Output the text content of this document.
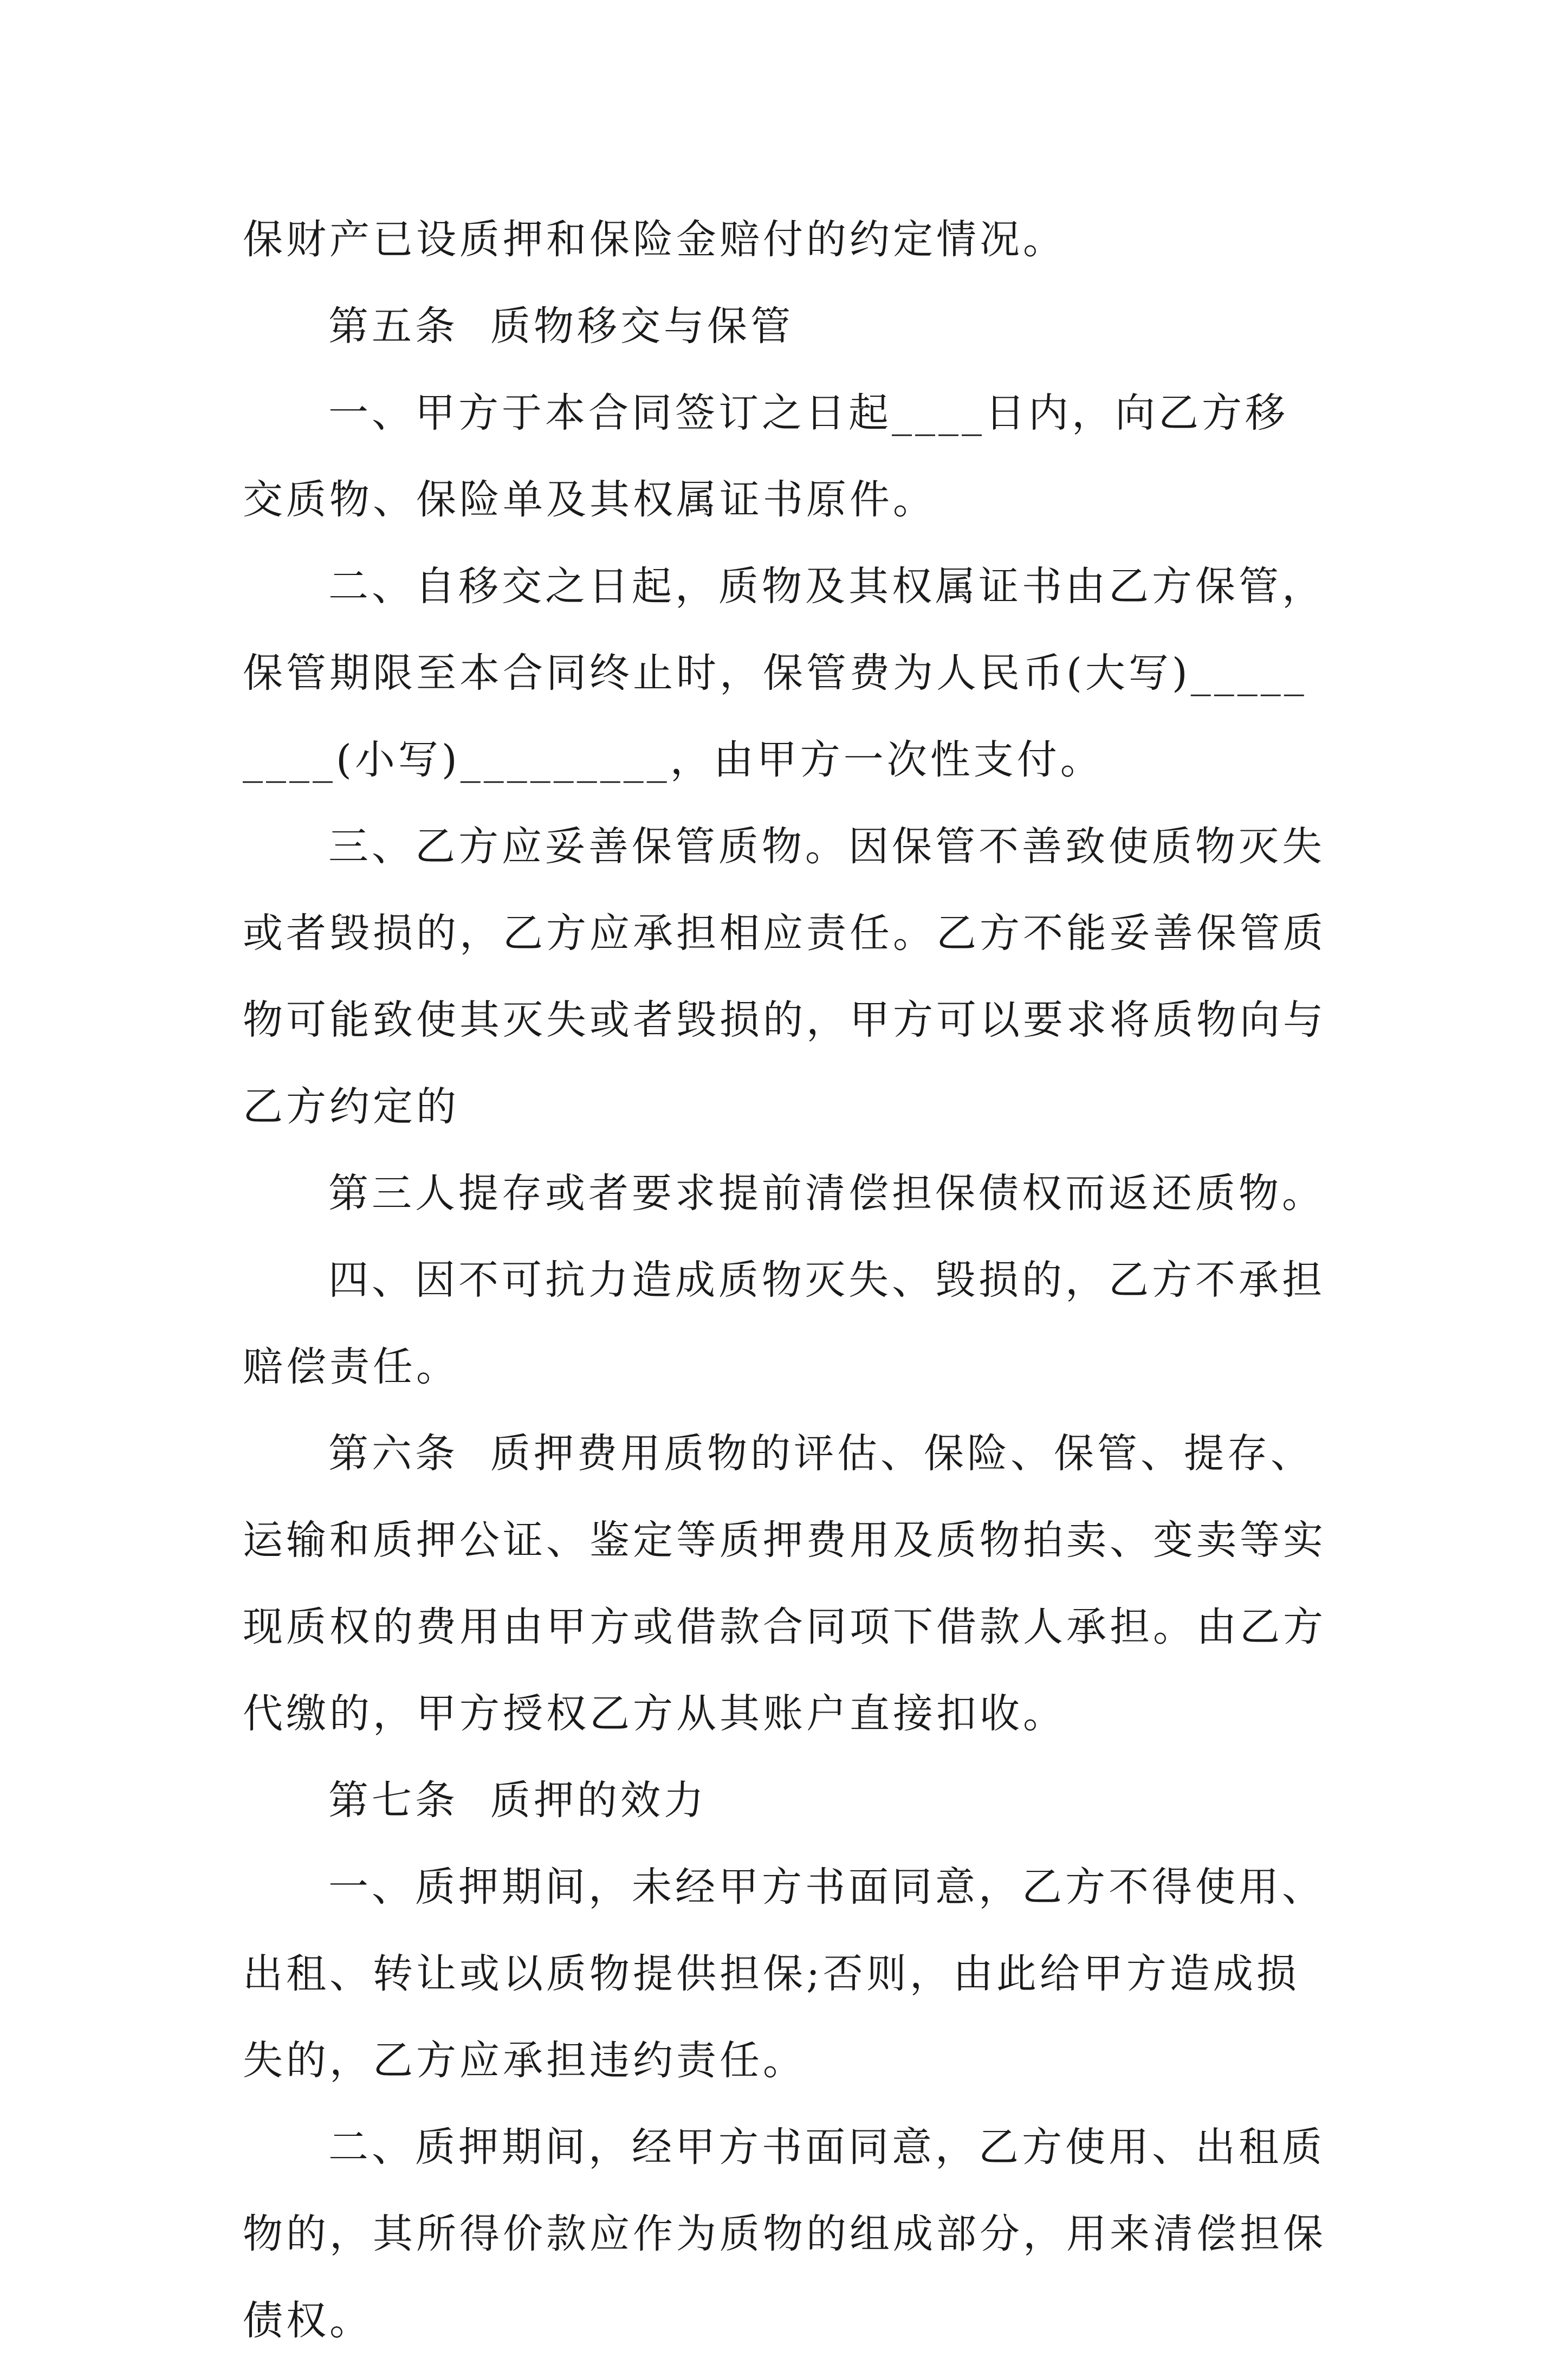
保财产已设质押和保险金赔付的约定情况。

第五条  质物移交与保管

一、甲方于本合同签订之日起____日内，向乙方移交质物、保险单及其权属证书原件。

二、自移交之日起，质物及其权属证书由乙方保管，保管期限至本合同终止时，保管费为人民币(大写)_________(小写)_________，由甲方一次性支付。

三、乙方应妥善保管质物。因保管不善致使质物灭失或者毁损的，乙方应承担相应责任。乙方不能妥善保管质物可能致使其灭失或者毁损的，甲方可以要求将质物向与乙方约定的

第三人提存或者要求提前清偿担保债权而返还质物。

四、因不可抗力造成质物灭失、毁损的，乙方不承担赔偿责任。

第六条  质押费用质物的评估、保险、保管、提存、运输和质押公证、鉴定等质押费用及质物拍卖、变卖等实现质权的费用由甲方或借款合同项下借款人承担。由乙方代缴的，甲方授权乙方从其账户直接扣收。

第七条  质押的效力

一、质押期间，未经甲方书面同意，乙方不得使用、出租、转让或以质物提供担保;否则，由此给甲方造成损失的，乙方应承担违约责任。

二、质押期间，经甲方书面同意，乙方使用、出租质物的，其所得价款应作为质物的组成部分，用来清偿担保债权。
